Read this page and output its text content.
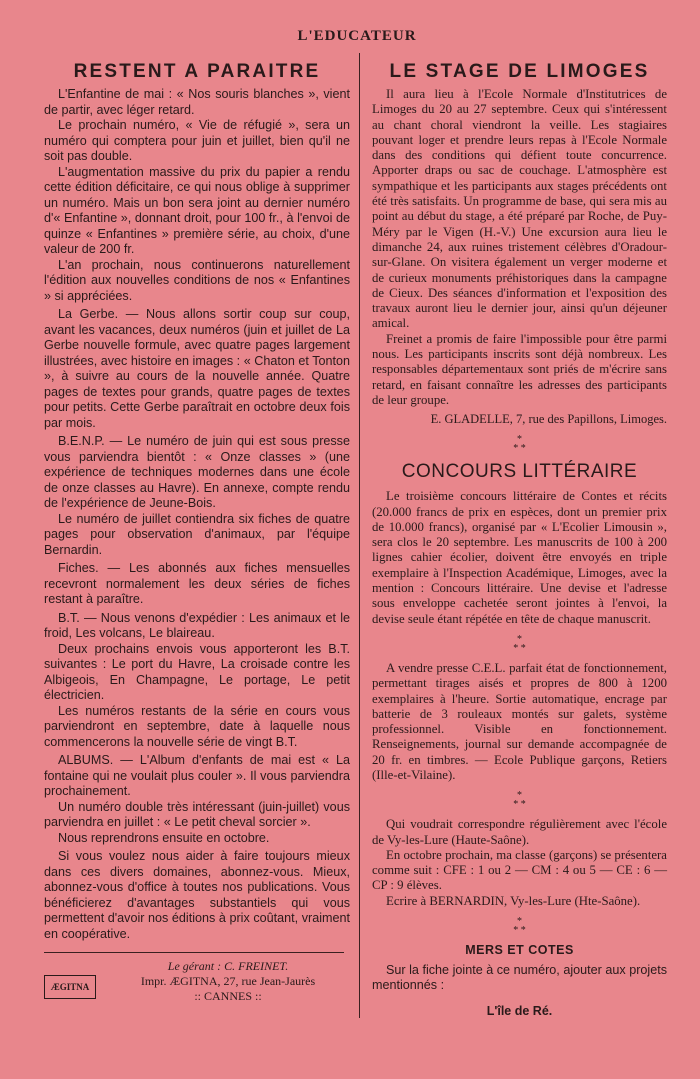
L'EDUCATEUR
RESTENT A PARAITRE

L'Enfantine de mai : « Nos souris blanches », vient de partir, avec léger retard.

Le prochain numéro, « Vie de réfugié », sera un numéro qui comptera pour juin et juillet, bien qu'il ne soit pas double.

L'augmentation massive du prix du papier a rendu cette édition déficitaire, ce qui nous oblige à supprimer un numéro. Mais un bon sera joint au dernier numéro d'« Enfantine », donnant droit, pour 100 fr., à l'envoi de quinze « Enfantines » première série, au choix, d'une valeur de 200 fr.

L'an prochain, nous continuerons naturellement l'édition aux nouvelles conditions de nos « Enfantines » si appréciées.

La Gerbe. — Nous allons sortir coup sur coup, avant les vacances, deux numéros (juin et juillet de La Gerbe nouvelle formule, avec quatre pages largement illustrées, avec histoire en images : « Chaton et Tonton », à suivre au cours de la nouvelle année. Quatre pages de textes pour grands, quatre pages de textes pour petits. Cette Gerbe paraîtrait en octobre deux fois par mois.

B.E.N.P. — Le numéro de juin qui est sous presse vous parviendra bientôt : « Onze classes » (une expérience de techniques modernes dans une école de onze classes au Havre). En annexe, compte rendu de l'expérience de Jeune-Bois.

Le numéro de juillet contiendra six fiches de quatre pages pour observation d'animaux, par l'équipe Bernardin.

Fiches. — Les abonnés aux fiches mensuelles recevront normalement les deux séries de fiches restant à paraître.

B.T. — Nous venons d'expédier : Les animaux et le froid, Les volcans, Le blaireau.

Deux prochains envois vous apporteront les B.T. suivantes : Le port du Havre, La croisade contre les Albigeois, En Champagne, Le portage, Le petit électricien.

Les numéros restants de la série en cours vous parviendront en septembre, date à laquelle nous commencerons la nouvelle série de vingt B.T.

ALBUMS. — L'Album d'enfants de mai est « La fontaine qui ne voulait plus couler ». Il vous parviendra prochainement.

Un numéro double très intéressant (juin-juillet) vous parviendra en juillet : « Le petit cheval sorcier ».

Nous reprendrons ensuite en octobre.

Si vous voulez nous aider à faire toujours mieux dans ces divers domaines, abonnez-vous. Mieux, abonnez-vous d'office à toutes nos publications. Vous bénéficierez d'avantages substantiels qui vous permettent d'avoir nos éditions à prix coûtant, vraiment en coopérative.

ÆGITNA
Le gérant : C. FREINET.
Impr. ÆGITNA, 27, rue Jean-Jaurès
:: CANNES ::
LE STAGE DE LIMOGES

Il aura lieu à l'Ecole Normale d'Institutrices de Limoges du 20 au 27 septembre. Ceux qui s'intéressent au chant choral viendront la veille. Les stagiaires pouvant loger et prendre leurs repas à l'Ecole Normale dans des conditions qui défient toute concurrence. Apporter draps ou sac de couchage. L'atmosphère est sympathique et les participants aux stages précédents ont été très satisfaits. Un programme de base, qui sera mis au point au début du stage, a été préparé par Roche, de Puy-Méry par le Vigen (H.-V.) Une excursion aura lieu le dimanche 24, aux ruines tristement célèbres d'Oradour-sur-Glane. On visitera également un verger moderne et de curieux monuments préhistoriques dans la campagne de Cieux. Des séances d'information et l'exposition des travaux auront lieu le dernier jour, ainsi qu'un déjeuner amical.

Freinet a promis de faire l'impossible pour être parmi nous. Les participants inscrits sont déjà nombreux. Les responsables départementaux sont priés de m'écrire sans retard, en faisant connaître les adresses des participants de leur groupe.

E. GLADELLE, 7, rue des Papillons, Limoges.
*
* *
CONCOURS LITTÉRAIRE

Le troisième concours littéraire de Contes et récits (20.000 francs de prix en espèces, dont un premier prix de 10.000 francs), organisé par « L'Ecolier Limousin », sera clos le 20 septembre. Les manuscrits de 100 à 200 lignes cahier écolier, doivent être envoyés en triple exemplaire à l'Inspection Académique, Limoges, avec la mention : Concours littéraire. Une devise et l'adresse sous enveloppe cachetée seront jointes à l'envoi, la devise seule étant répétée en tête de chaque manuscrit.

*
* *

A vendre presse C.E.L. parfait état de fonctionnement, permettant tirages aisés et propres de 800 à 1200 exemplaires à l'heure. Sortie automatique, encrage par batterie de 3 rouleaux montés sur galets, système professionnel. Visible en fonctionnement. Renseignements, journal sur demande accompagnée de 20 fr. en timbres. — Ecole Publique garçons, Retiers (Ille-et-Vilaine).

*
* *

Qui voudrait correspondre régulièrement avec l'école de Vy-les-Lure (Haute-Saône).

En octobre prochain, ma classe (garçons) se présentera comme suit : CFE : 1 ou 2 — CM : 4 ou 5 — CE : 6 — CP : 9 élèves.

Ecrire à BERNARDIN, Vy-les-Lure (Hte-Saône).

*
* *
MERS ET COTES

Sur la fiche jointe à ce numéro, ajouter aux projets mentionnés :

L'île de Ré.
